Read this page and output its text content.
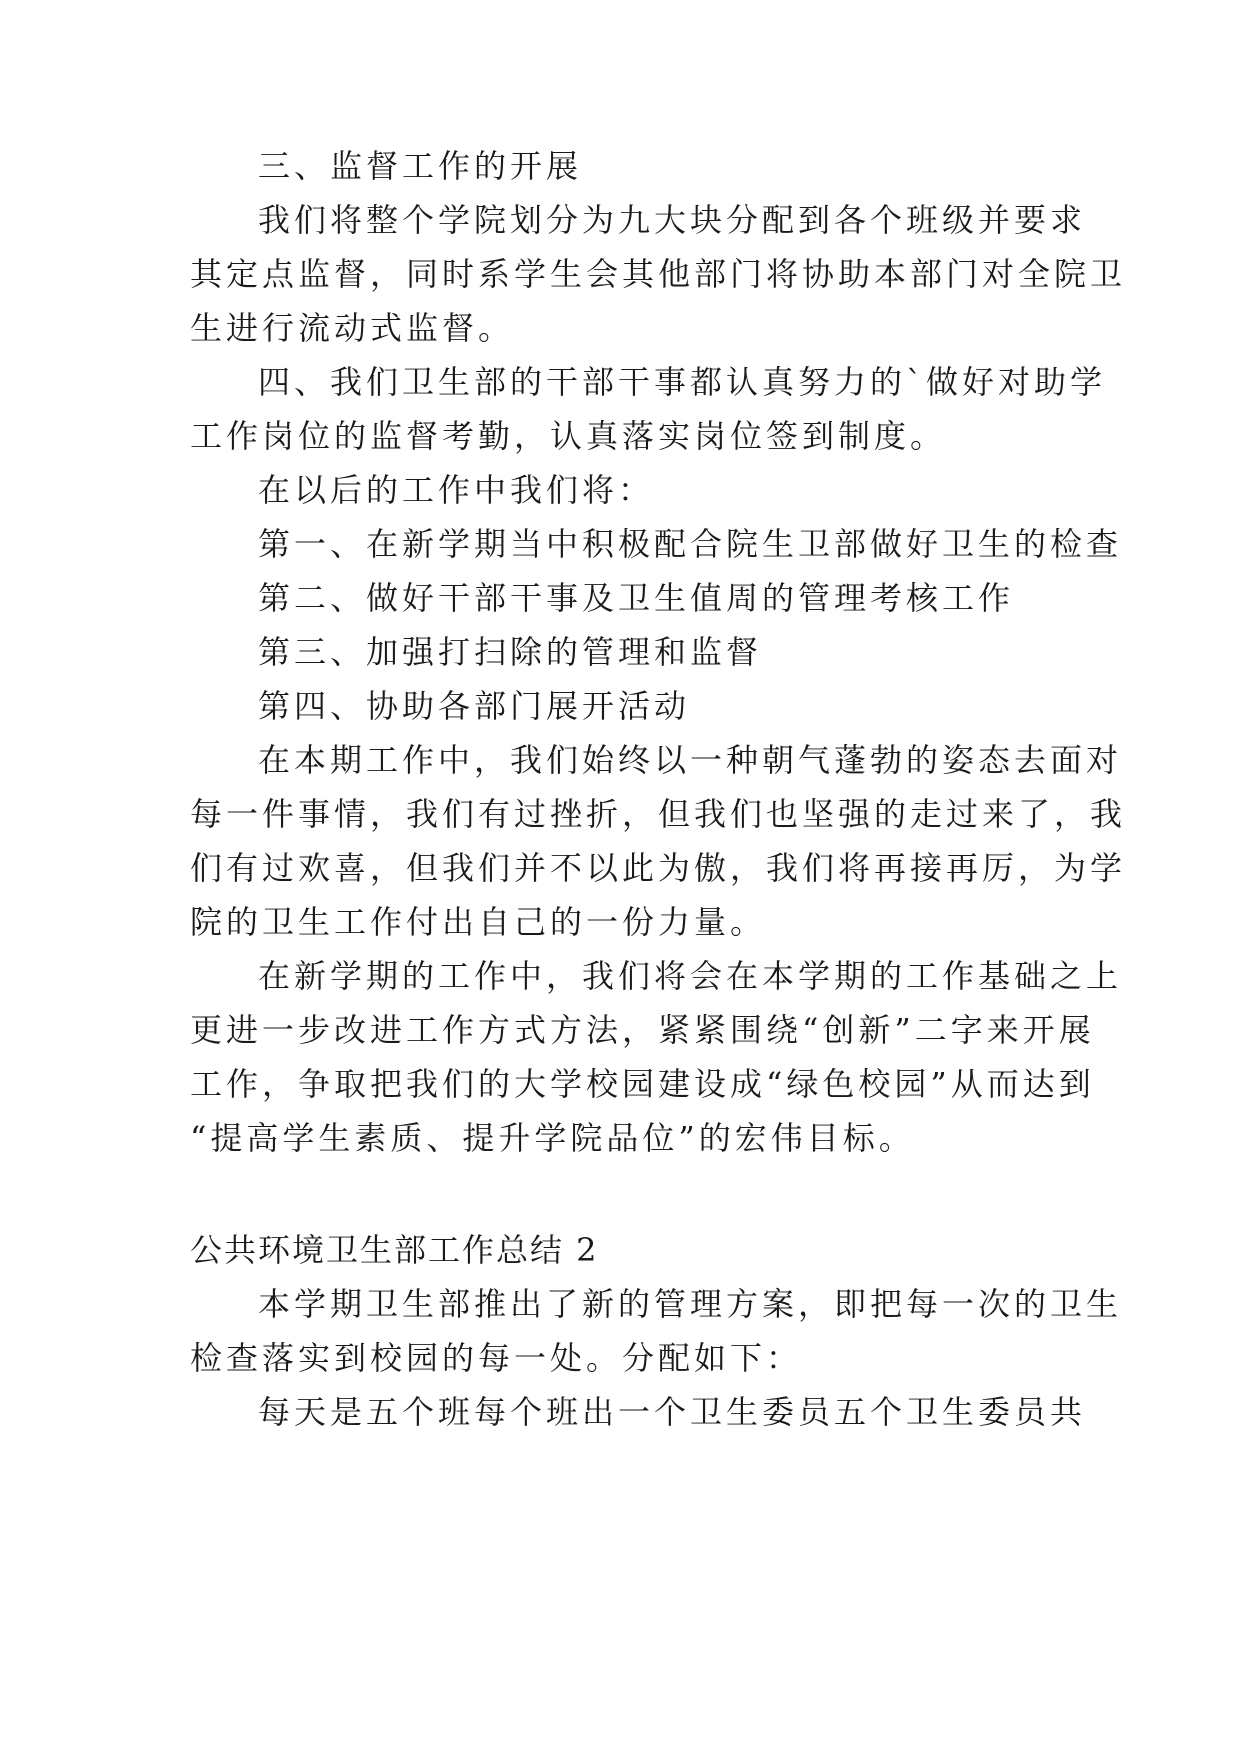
三、监督工作的开展
我们将整个学院划分为九大块分配到各个班级并要求
其定点监督，同时系学生会其他部门将协助本部门对全院卫
生进行流动式监督。
四、我们卫生部的干部干事都认真努力的`做好对助学
工作岗位的监督考勤，认真落实岗位签到制度。
在以后的工作中我们将：
第一、在新学期当中积极配合院生卫部做好卫生的检查
第二、做好干部干事及卫生值周的管理考核工作
第三、加强打扫除的管理和监督
第四、协助各部门展开活动
在本期工作中，我们始终以一种朝气蓬勃的姿态去面对
每一件事情，我们有过挫折，但我们也坚强的走过来了，我
们有过欢喜，但我们并不以此为傲，我们将再接再厉，为学
院的卫生工作付出自己的一份力量。
在新学期的工作中，我们将会在本学期的工作基础之上
更进一步改进工作方式方法，紧紧围绕“创新”二字来开展
工作，争取把我们的大学校园建设成“绿色校园”从而达到
“提高学生素质、提升学院品位”的宏伟目标。
公共环境卫生部工作总结 2
本学期卫生部推出了新的管理方案，即把每一次的卫生
检查落实到校园的每一处。分配如下：
每天是五个班每个班出一个卫生委员五个卫生委员共
